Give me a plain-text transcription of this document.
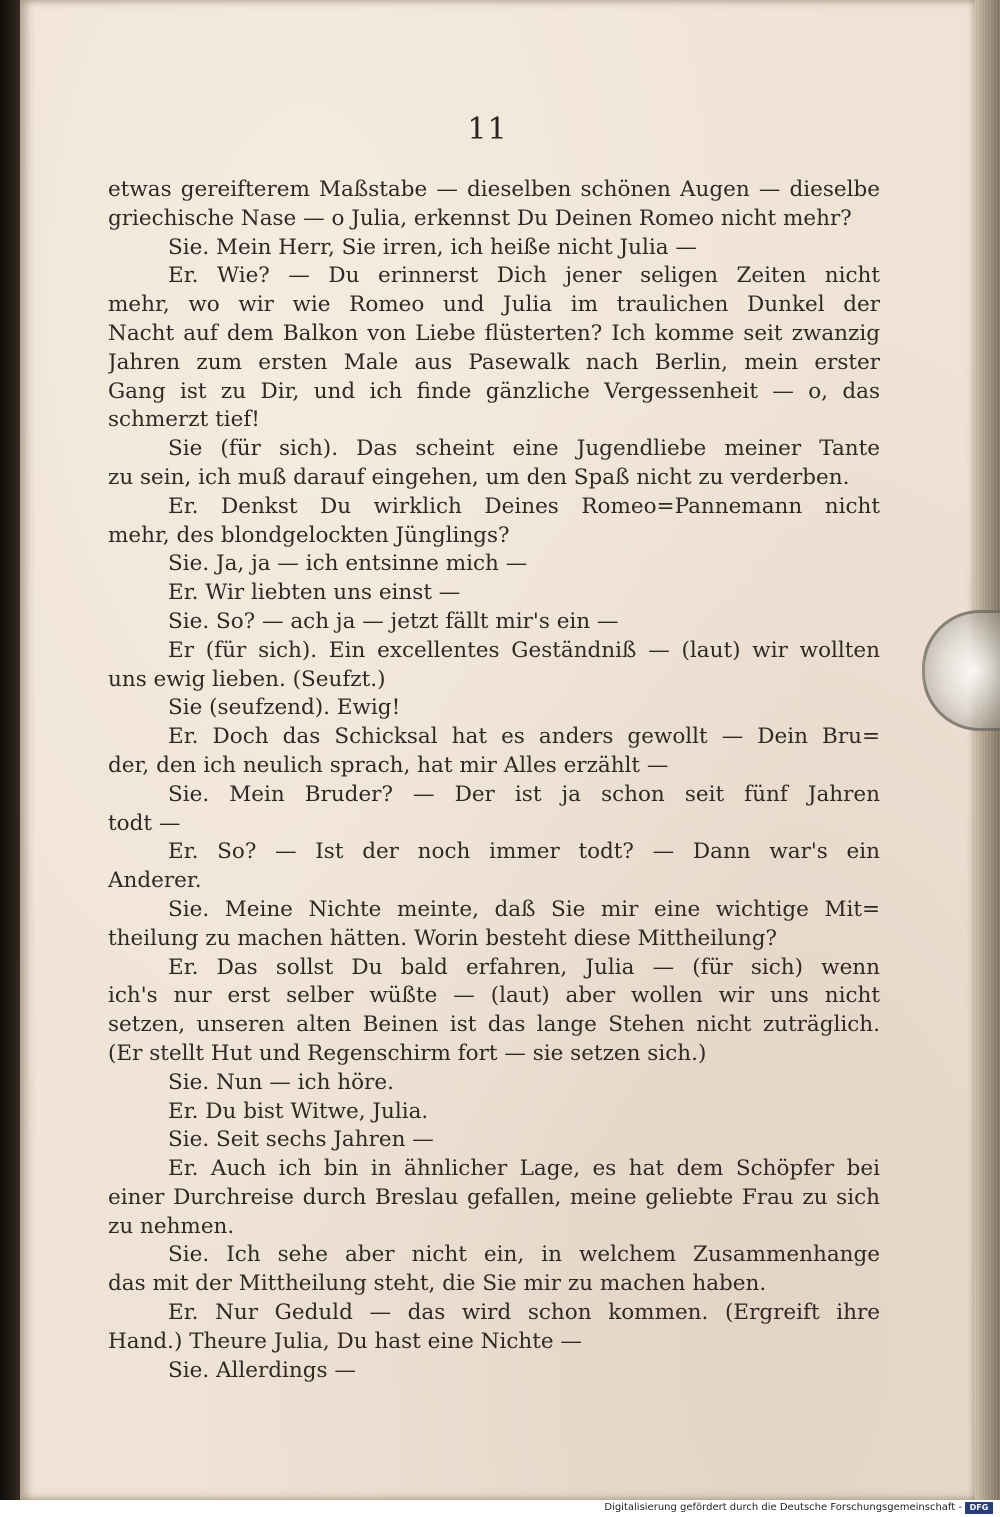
11
etwas gereifterem Maßstabe — dieselben schönen Augen — dieselbe
griechische Nase — o Julia, erkennst Du Deinen Romeo nicht mehr?
Sie. Mein Herr, Sie irren, ich heiße nicht Julia —
Er. Wie? — Du erinnerst Dich jener seligen Zeiten nicht
mehr, wo wir wie Romeo und Julia im traulichen Dunkel der
Nacht auf dem Balkon von Liebe flüsterten? Ich komme seit zwanzig
Jahren zum ersten Male aus Pasewalk nach Berlin, mein erster
Gang ist zu Dir, und ich finde gänzliche Vergessenheit — o, das
schmerzt tief!
Sie (für sich). Das scheint eine Jugendliebe meiner Tante
zu sein, ich muß darauf eingehen, um den Spaß nicht zu verderben.
Er. Denkst Du wirklich Deines Romeo=Pannemann nicht
mehr, des blondgelockten Jünglings?
Sie. Ja, ja — ich entsinne mich —
Er. Wir liebten uns einst —
Sie. So? — ach ja — jetzt fällt mir's ein —
Er (für sich). Ein excellentes Geständniß — (laut) wir wollten
uns ewig lieben. (Seufzt.)
Sie (seufzend). Ewig!
Er. Doch das Schicksal hat es anders gewollt — Dein Bru=
der, den ich neulich sprach, hat mir Alles erzählt —
Sie. Mein Bruder? — Der ist ja schon seit fünf Jahren
todt —
Er. So? — Ist der noch immer todt? — Dann war's ein
Anderer.
Sie. Meine Nichte meinte, daß Sie mir eine wichtige Mit=
theilung zu machen hätten. Worin besteht diese Mittheilung?
Er. Das sollst Du bald erfahren, Julia — (für sich) wenn
ich's nur erst selber wüßte — (laut) aber wollen wir uns nicht
setzen, unseren alten Beinen ist das lange Stehen nicht zuträglich.
(Er stellt Hut und Regenschirm fort — sie setzen sich.)
Sie. Nun — ich höre.
Er. Du bist Witwe, Julia.
Sie. Seit sechs Jahren —
Er. Auch ich bin in ähnlicher Lage, es hat dem Schöpfer bei
einer Durchreise durch Breslau gefallen, meine geliebte Frau zu sich
zu nehmen.
Sie. Ich sehe aber nicht ein, in welchem Zusammenhange
das mit der Mittheilung steht, die Sie mir zu machen haben.
Er. Nur Geduld — das wird schon kommen. (Ergreift ihre
Hand.) Theure Julia, Du hast eine Nichte —
Sie. Allerdings —
Digitalisierung gefördert durch die Deutsche Forschungsgemeinschaft - DFG
